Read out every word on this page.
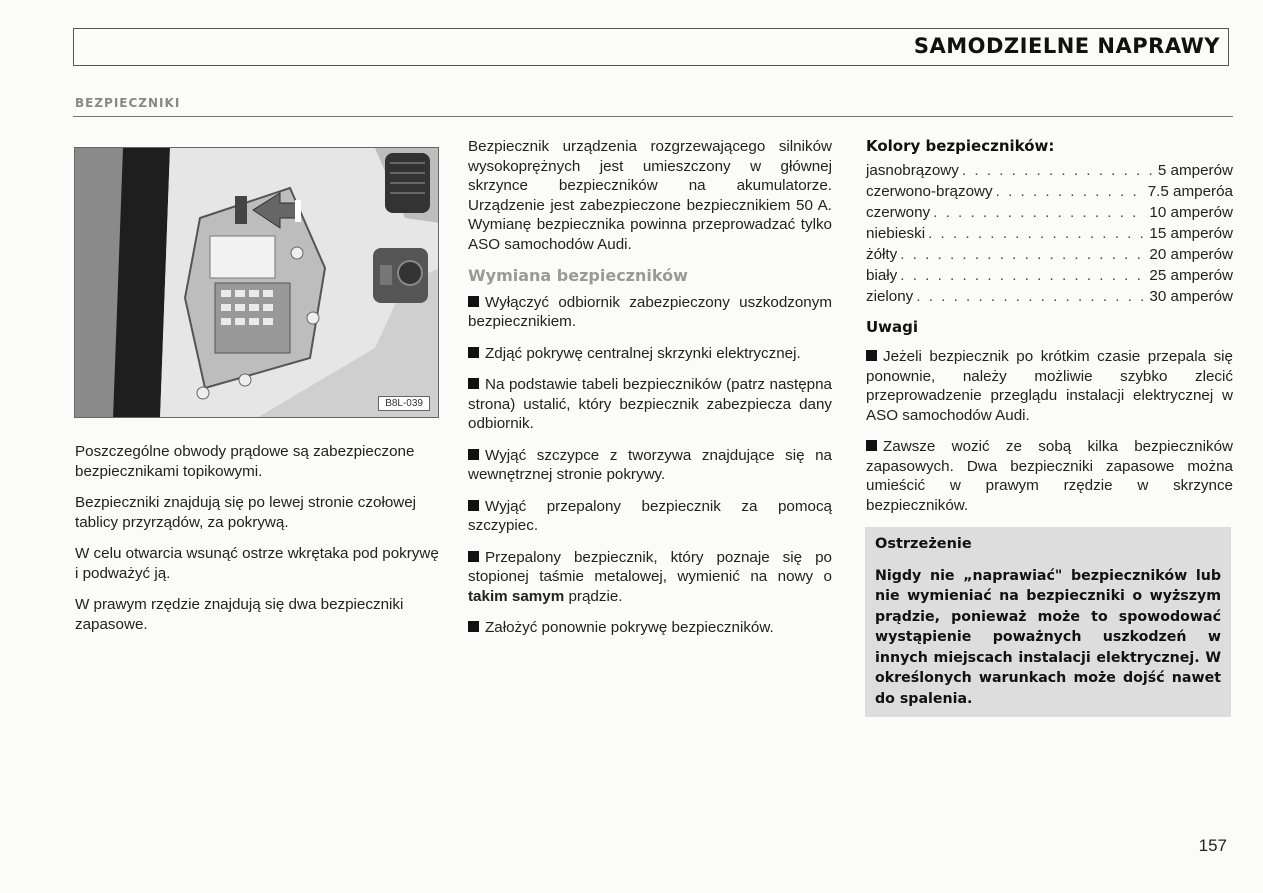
SAMODZIELNE NAPRAWY
BEZPIECZNIKI
B8L-039

Poszczególne obwody prądowe są zabezpieczone bezpiecznikami topikowymi.

Bezpieczniki znajdują się po lewej stronie czołowej tablicy przyrządów, za pokrywą.

W celu otwarcia wsunąć ostrze wkrętaka pod pokrywę i podważyć ją.

W prawym rzędzie znajdują się dwa bezpieczniki zapasowe.

Bezpiecznik urządzenia rozgrzewającego silników wysokoprężnych jest umieszczony w głównej skrzynce bezpieczników na akumulatorze. Urządzenie jest zabezpieczone bezpiecznikiem 50 A. Wymianę bezpiecznika powinna przeprowadzać tylko ASO samochodów Audi.

Wymiana bezpieczników

Wyłączyć odbiornik zabezpieczony uszkodzonym bezpiecznikiem.

Zdjąć pokrywę centralnej skrzynki elektrycznej.

Na podstawie tabeli bezpieczników (patrz następna strona) ustalić, który bezpiecznik zabezpiecza dany odbiornik.

Wyjąć szczypce z tworzywa znajdujące się na wewnętrznej stronie pokrywy.

Wyjąć przepalony bezpiecznik za pomocą szczypiec.

Przepalony bezpiecznik, który poznaje się po stopionej taśmie metalowej, wymienić na nowy o takim samym prądzie.

Założyć ponownie pokrywę bezpieczników.

Kolory bezpieczników:
jasnobrązowy . . .	5 amperów
czerwono-brązowy . . .	7.5 amperóa
czerwony . . .	10 amperów
niebieski . . .	15 amperów
żółty . . .	20 amperów
biały . . .	25 amperów
zielony . . .	30 amperów
Uwagi

Jeżeli bezpiecznik po krótkim czasie przepala się ponownie, należy możliwie szybko zlecić przeprowadzenie przeglądu instalacji elektrycznej w ASO samochodów Audi.

Zawsze wozić ze sobą kilka bezpieczników zapasowych. Dwa bezpieczniki zapasowe można umieścić w prawym rzędzie w skrzynce bezpieczników.

Ostrzeżenie
Nigdy nie „naprawiać" bezpieczników lub nie wymieniać na bezpieczniki o wyższym prądzie, ponieważ może to spowodować wystąpienie poważnych uszkodzeń w innych miejscach instalacji elektrycznej. W określonych warunkach może dojść nawet do spalenia.
157
